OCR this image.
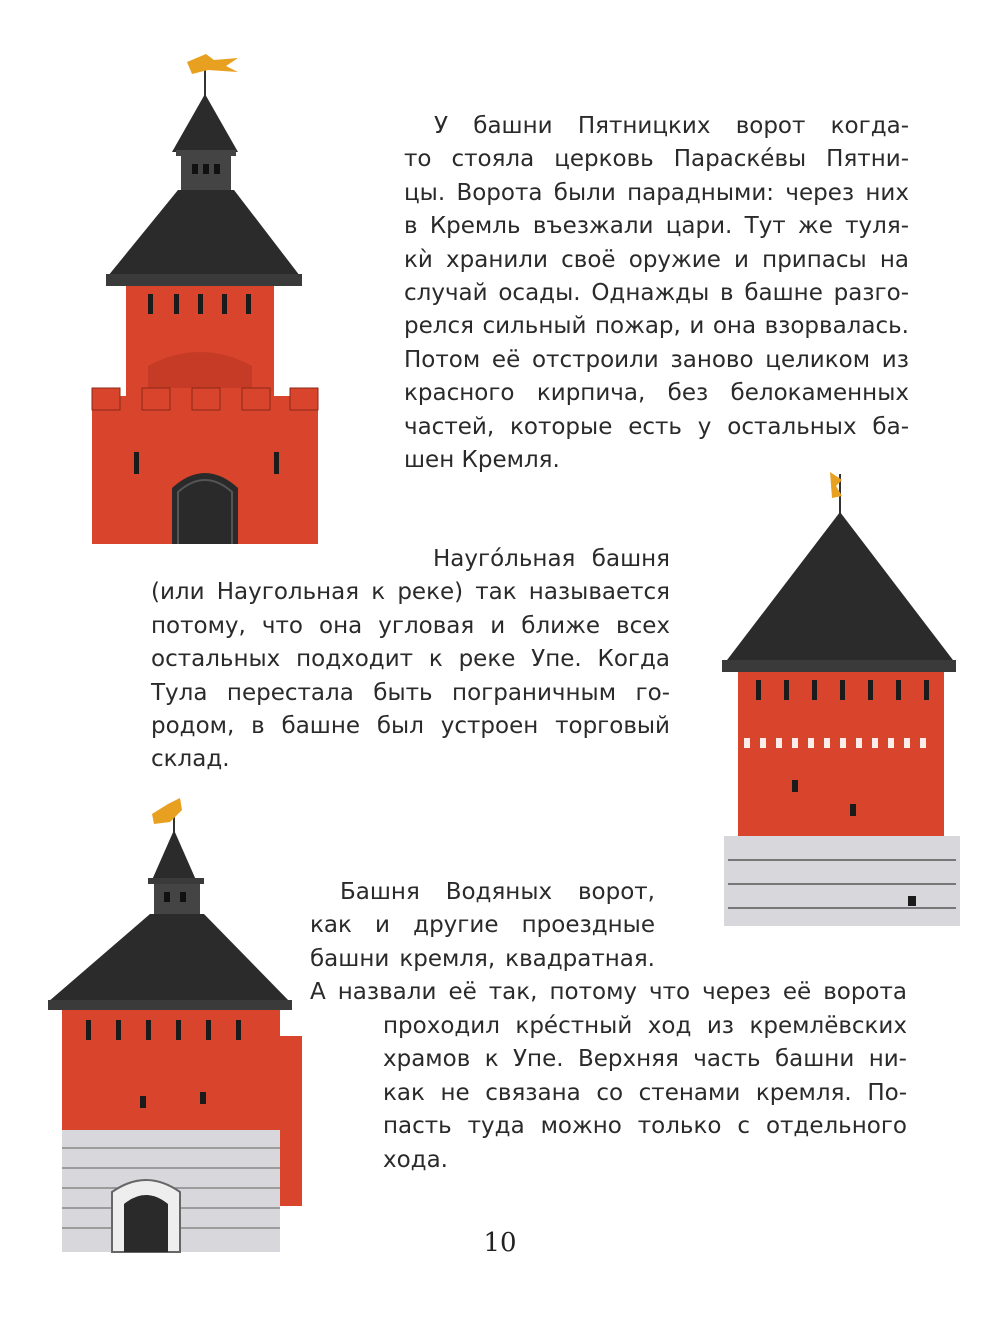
У башни Пятницких ворот когда-
то стояла церковь Параскéвы Пятни-
цы. Ворота были парадными: через них
в Кремль въезжали цари. Тут же туля-
кѝ хранили своё оружие и припасы на
случай осады. Однажды в башне разго-
релся сильный пожар, и она взорвалась.
Потом её отстроили заново целиком из
красного кирпича, без белокаменных
частей, которые есть у остальных ба-
шен Кремля.
Наугóльная башня
(или Наугольная к реке) так называется
потому, что она угловая и ближе всех
остальных подходит к реке Упе. Когда
Тула перестала быть пограничным го-
родом, в башне был устроен торговый
склад.
Башня Водяных ворот,
как и другие проездные
башни кремля, квадратная.
А назвали её так, потому что через её ворота
проходил крéстный ход из кремлёвских
храмов к Упе. Верхняя часть башни ни-
как не связана со стенами кремля. По-
пасть туда можно только с отдельного
хода.
10
